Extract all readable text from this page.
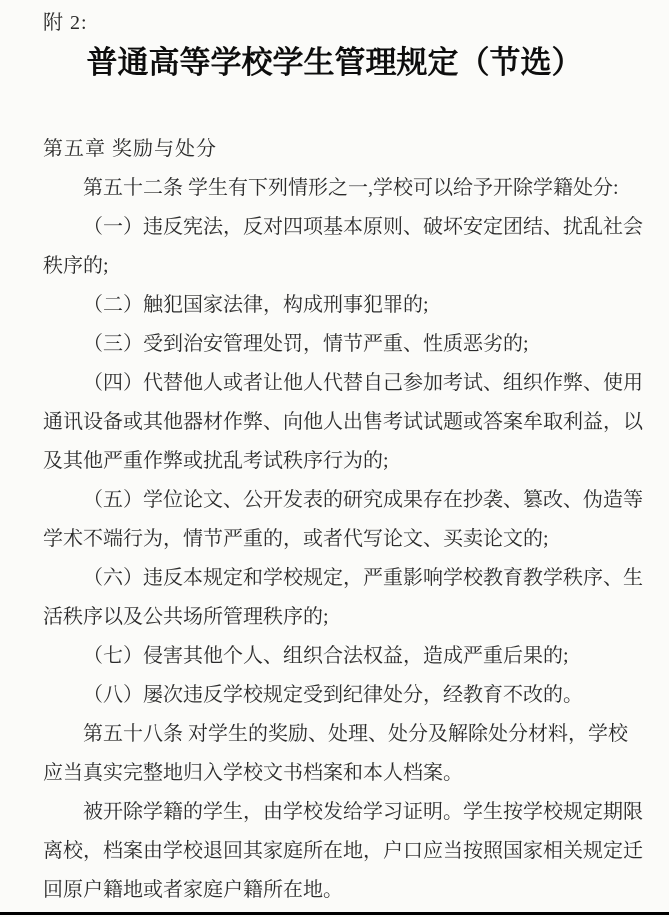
附 2:
普通高等学校学生管理规定（节选）
第五章 奖励与处分
第五十二条 学生有下列情形之一,学校可以给予开除学籍处分:
（一）违反宪法，反对四项基本原则、破坏安定团结、扰乱社会
秩序的;
（二）触犯国家法律，构成刑事犯罪的;
（三）受到治安管理处罚，情节严重、性质恶劣的;
（四）代替他人或者让他人代替自己参加考试、组织作弊、使用
通讯设备或其他器材作弊、向他人出售考试试题或答案牟取利益，以
及其他严重作弊或扰乱考试秩序行为的;
（五）学位论文、公开发表的研究成果存在抄袭、篡改、伪造等
学术不端行为，情节严重的，或者代写论文、买卖论文的;
（六）违反本规定和学校规定，严重影响学校教育教学秩序、生
活秩序以及公共场所管理秩序的;
（七）侵害其他个人、组织合法权益，造成严重后果的;
（八）屡次违反学校规定受到纪律处分，经教育不改的。
第五十八条 对学生的奖励、处理、处分及解除处分材料，学校
应当真实完整地归入学校文书档案和本人档案。
被开除学籍的学生，由学校发给学习证明。学生按学校规定期限
离校，档案由学校退回其家庭所在地，户口应当按照国家相关规定迁
回原户籍地或者家庭户籍所在地。
